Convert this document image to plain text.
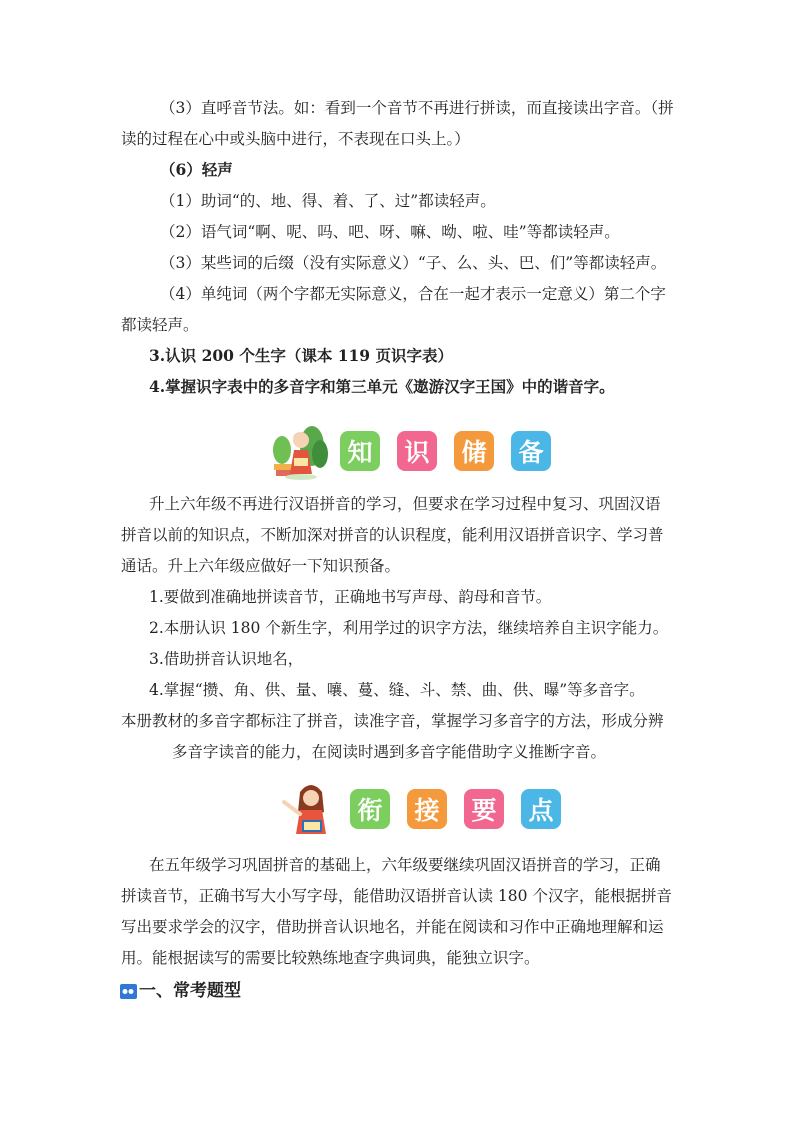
（3）直呼音节法。如：看到一个音节不再进行拼读，而直接读出字音。（拼
读的过程在心中或头脑中进行，不表现在口头上。）
（6）轻声
（1）助词“的、地、得、着、了、过”都读轻声。
（2）语气词“啊、呢、吗、吧、呀、嘛、呦、啦、哇”等都读轻声。
（3）某些词的后缀（没有实际意义）“子、么、头、巴、们”等都读轻声。
（4）单纯词（两个字都无实际意义，合在一起才表示一定意义）第二个字
都读轻声。
3.认识 200 个生字（课本 119 页识字表）
4.掌握识字表中的多音字和第三单元《遨游汉字王国》中的谐音字。
知	识	储	备
升上六年级不再进行汉语拼音的学习，但要求在学习过程中复习、巩固汉语
拼音以前的知识点，不断加深对拼音的认识程度，能利用汉语拼音识字、学习普
通话。升上六年级应做好一下知识预备。
1.要做到准确地拼读音节，正确地书写声母、韵母和音节。
2.本册认识 180 个新生字，利用学过的识字方法，继续培养自主识字能力。
3.借助拼音认识地名，
4.掌握“攒、角、供、量、嚷、蔓、缝、斗、禁、曲、供、曝”等多音字。
本册教材的多音字都标注了拼音，读准字音，掌握学习多音字的方法，形成分辨
多音字读音的能力，在阅读时遇到多音字能借助字义推断字音。
衔	接	要	点
在五年级学习巩固拼音的基础上，六年级要继续巩固汉语拼音的学习，正确
拼读音节，正确书写大小写字母，能借助汉语拼音认读 180 个汉字，能根据拼音
写出要求学会的汉字，借助拼音认识地名，并能在阅读和习作中正确地理解和运
用。能根据读写的需要比较熟练地查字典词典，能独立识字。
一、常考题型
